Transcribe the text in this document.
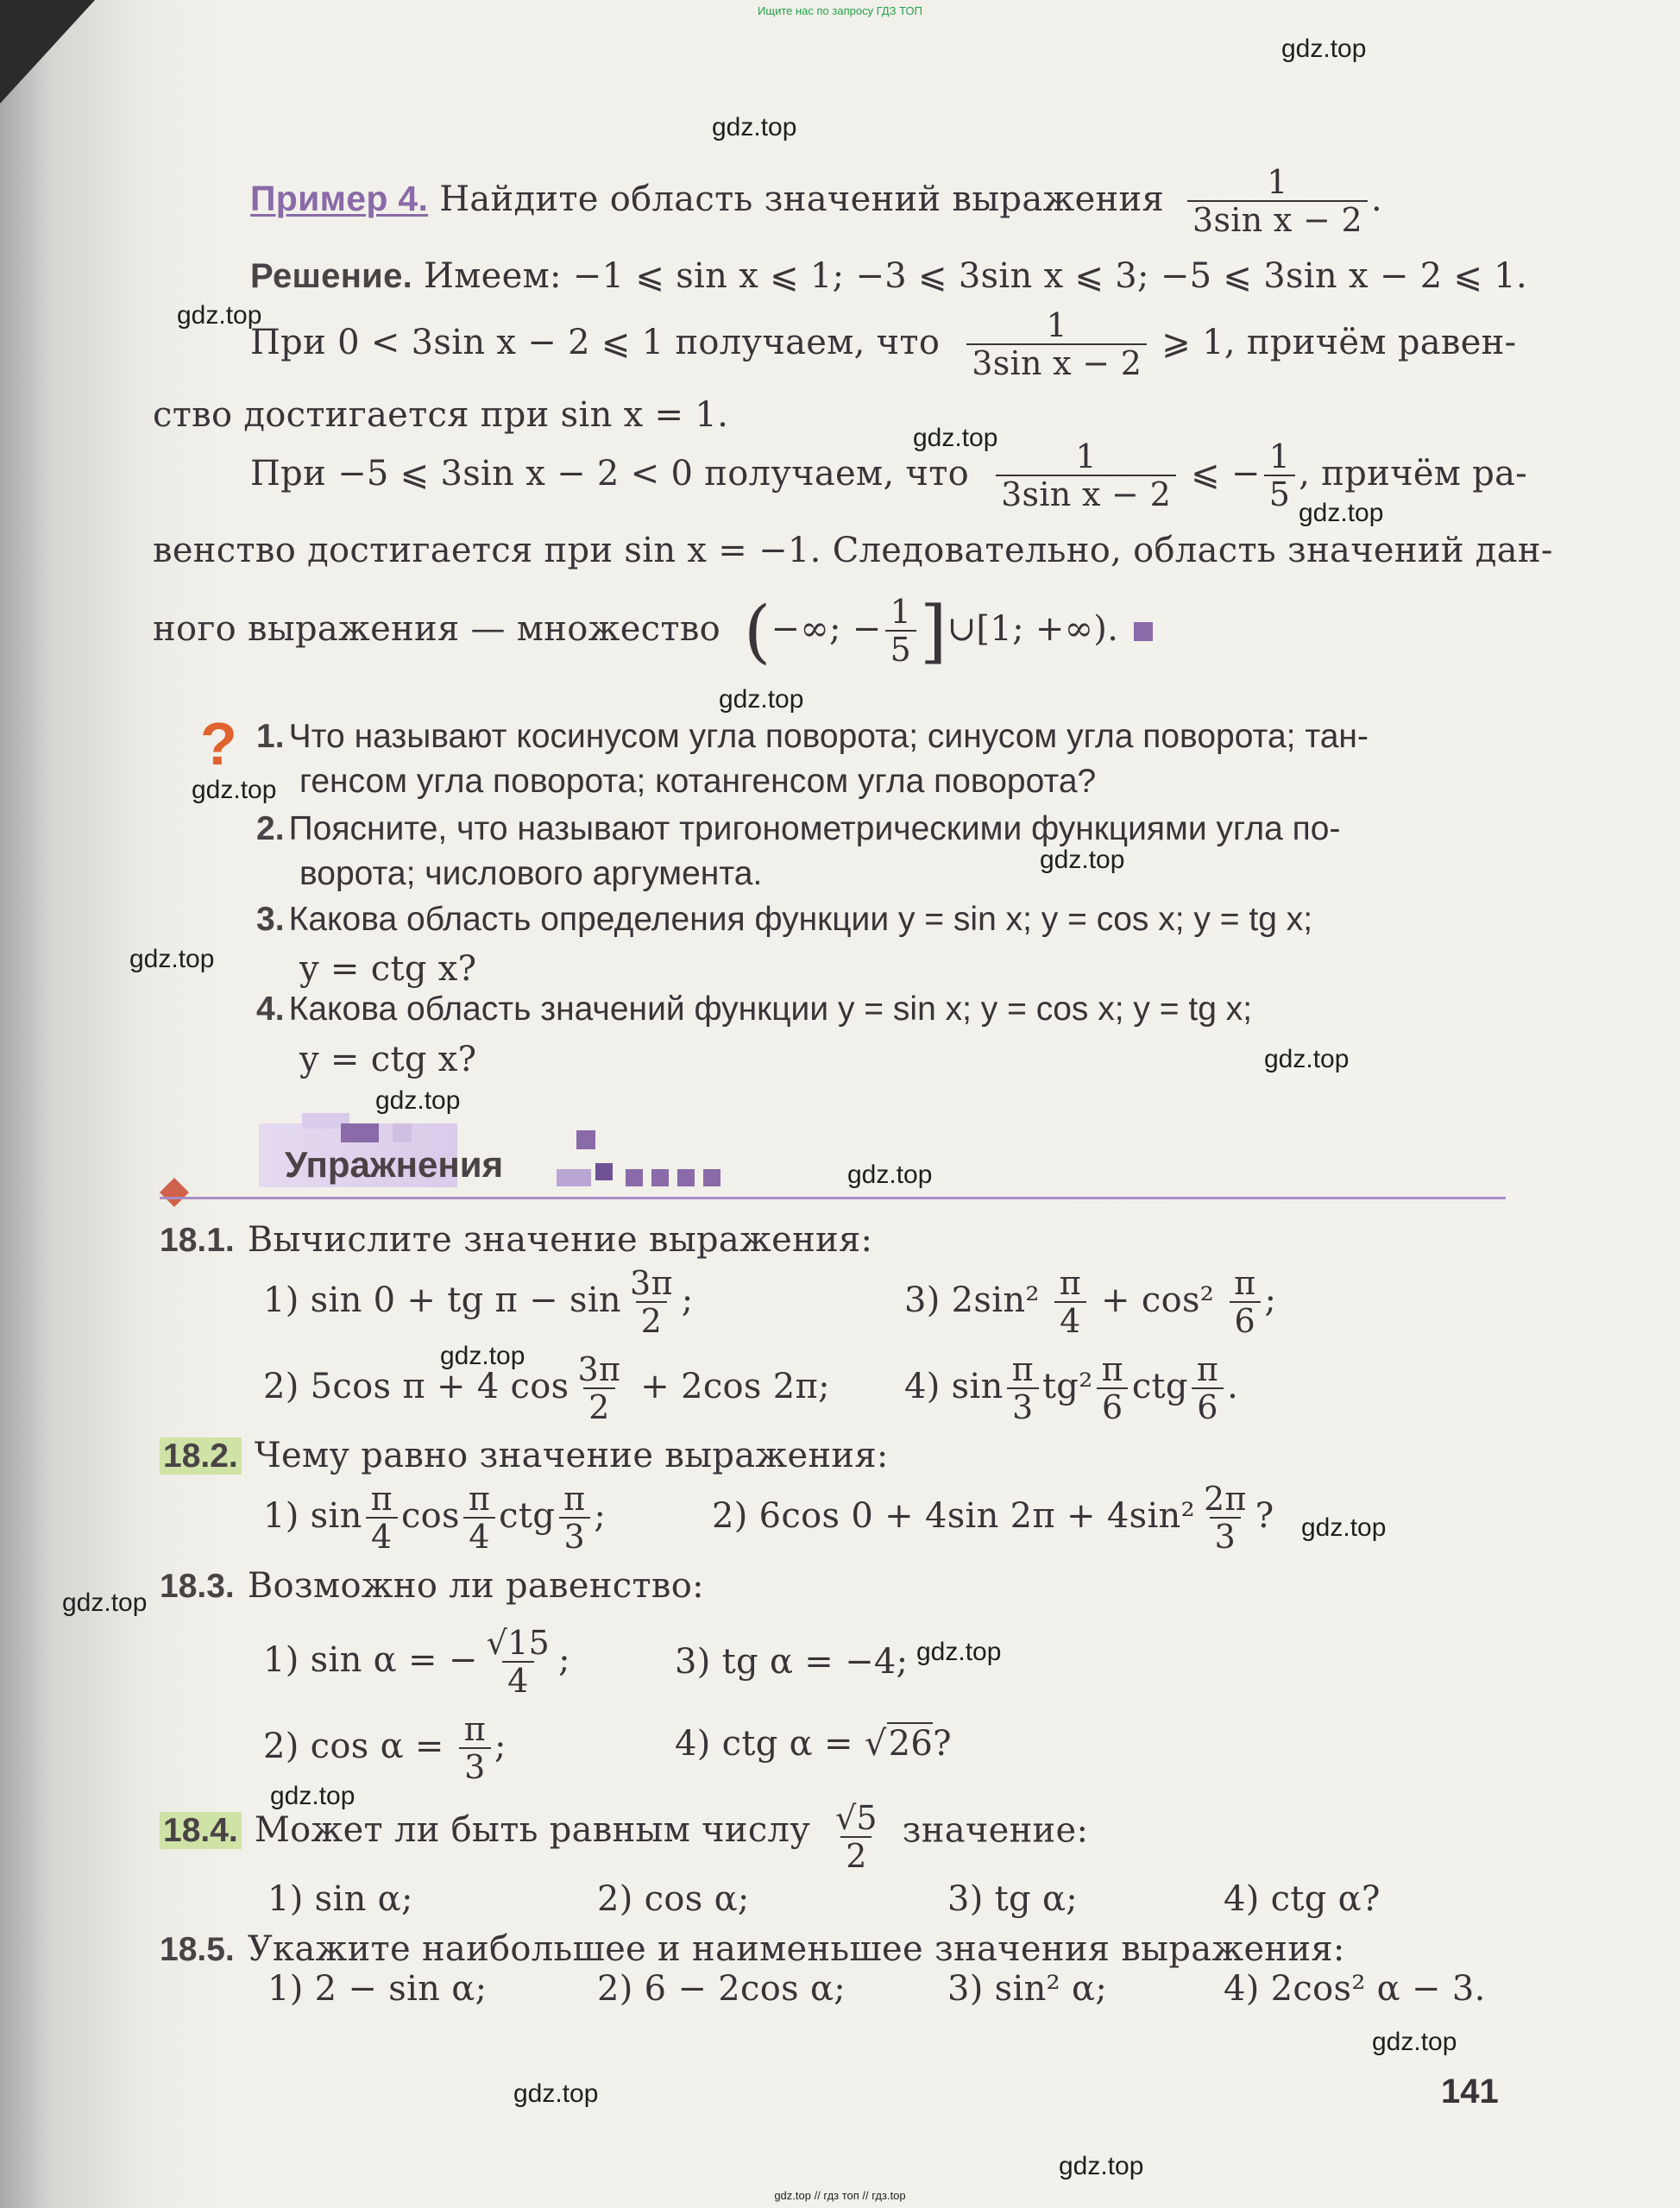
Ищите нас по запросу ГДЗ ТОП
gdz.top
gdz.top
gdz.top
gdz.top
gdz.top
gdz.top
gdz.top
gdz.top
gdz.top
gdz.top
gdz.top
gdz.top
gdz.top
gdz.top
gdz.top
gdz.top
gdz.top
gdz.top
gdz.top
gdz.top
Пример 4. Найдите область значений выражения $\frac{1}{\text{3sin x − 2}}$ .
Решение. Имеем: −1 ⩽ sin x ⩽ 1; −3 ⩽ 3sin x ⩽ 3; −5 ⩽ 3sin x − 2 ⩽ 1.
При 0 < 3sin x − 2 ⩽ 1 получаем, что $\frac{1}{\text{3sin x − 2}}$ ⩾ 1, причём равен-
ство достигается при sin x = 1.
При −5 ⩽ 3sin x − 2 < 0 получаем, что $\frac{1}{\text{3sin x − 2}}$ ⩽ − $\frac{1}{5}$ , причём ра-
венство достигается при sin x = −1. Следовательно, область значений дан-
ного выражения — множество (−∞; − $\frac{1}{5}$ ]∪[1; +∞).
? 1. Что называют косинусом угла поворота; синусом угла поворота; тан-
генсом угла поворота; котангенсом угла поворота?
2. Поясните, что называют тригонометрическими функциями угла по-
ворота; числового аргумента.
3. Какова область определения функции y = sin x; y = cos x; y = tg x;
y = ctg x?
4. Какова область значений функции y = sin x; y = cos x; y = tg x;
y = ctg x?
Упражнения
18.1. Вычислите значение выражения:
1) sin 0 + tg $\pi - \sin \frac{3\pi}{2}$ ;	3) $2\sin^2 \frac{\pi}{4} + \cos^2 \frac{\pi}{6}$ ;
2) 5cos π + 4 $\cos \frac{3\pi}{2} + 2\cos$ 2π; 4) $\sin \frac{\pi}{3} tg^2 \frac{\pi}{6}$ ctg $\frac{\pi}{6}$ .
18.2. Чему равно значение выражения:
1) $\sin \frac{\pi}{4}$ $\cos \frac{\pi}{4}$ ctg $\frac{\pi}{3}$ ;	2) 6cos 0 + 4sin $2\pi + 4\sin^2 \frac{2\pi}{3}$ ?
18.3. Возможно ли равенство:
1) sin α = − $\frac{√15}{4}$ ;	3) tg α = −4;
2) $\cos \alpha = \frac{\pi}{3}$ ;	4) ctg α = √26?
18.4. Может ли быть равным числу $\frac{√5}{2}$ значение:
1) sin α;	2) cos α;	3) tg α;	4) ctg α?
18.5. Укажите наибольшее и наименьшее значения выражения:
1) 2 − sin α;	2) 6 − 2cos α;	3) sin² α;	4) 2cos² α − 3.
141
gdz.top // гдз топ // гдз.top
